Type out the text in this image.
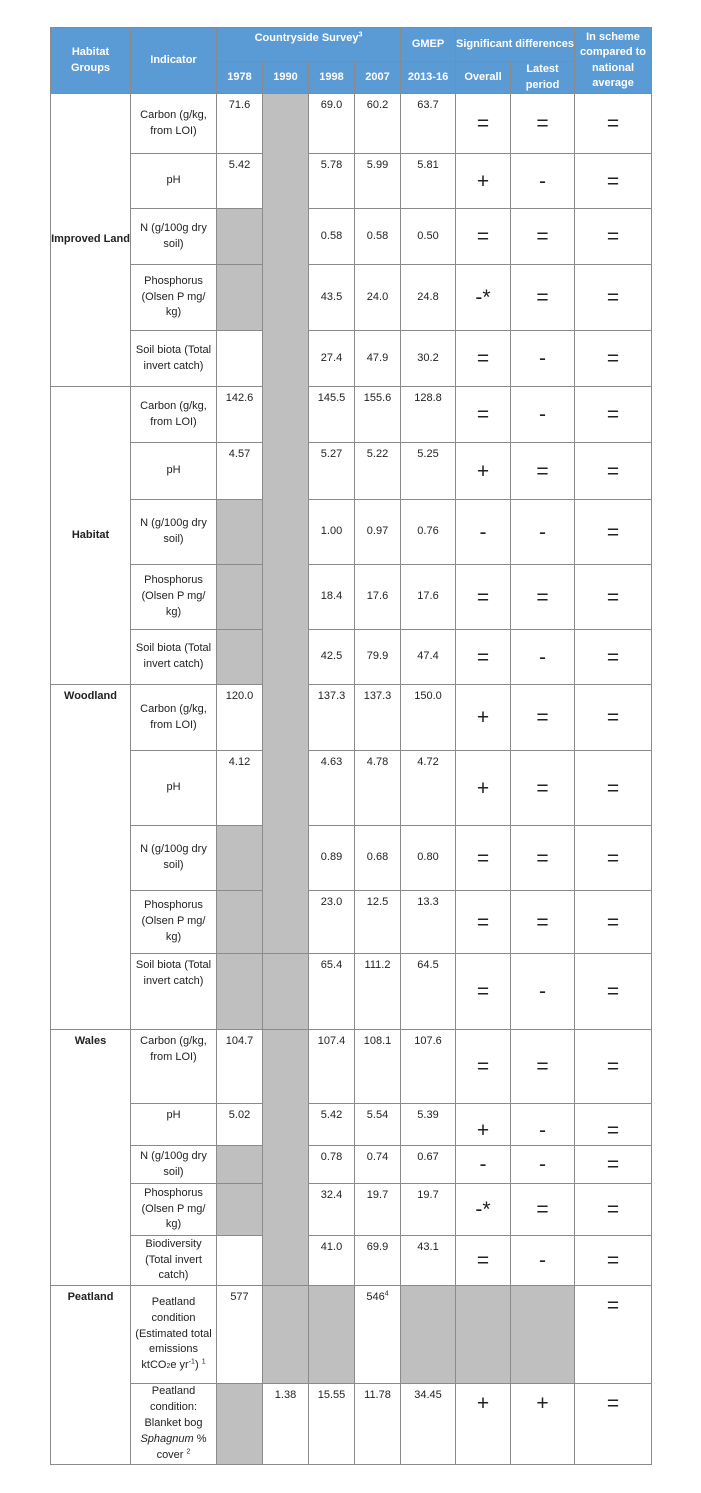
Habitat Groups	Indicator	Countryside Survey$^3$				GMEP	Significant differences		In scheme compared to national average
		1978	1990	1998	2007	2013-16	Overall	Latest period	
Improved Land	Carbon (g/kg, from LOI)	71.6		69.0	60.2	63.7	=	=	=
	pH	5.42		5.78	5.99	5.81	+	-	=
	N (g/100g dry soil)			0.58	0.58	0.50	=	=	=
	Phosphorus (Olsen P mg/ kg)			43.5	24.0	24.8	-*	=	=
	Soil biota (Total invert catch)			27.4	47.9	30.2	=	-	=
Habitat	Carbon (g/kg, from LOI)	142.6		145.5	155.6	128.8	=	-	=
	pH	4.57		5.27	5.22	5.25	+	=	=
	N (g/100g dry soil)			1.00	0.97	0.76	-	-	=
	Phosphorus (Olsen P mg/ kg)			18.4	17.6	17.6	=	=	=
	Soil biota (Total invert catch)			42.5	79.9	47.4	=	-	=
Woodland	Carbon (g/kg, from LOI)	120.0		137.3	137.3	150.0	+	=	=
	pH	4.12		4.63	4.78	4.72	+	=	=
	N (g/100g dry soil)			0.89	0.68	0.80	=	=	=
	Phosphorus (Olsen P mg/ kg)			23.0	12.5	13.3	=	=	=
	Soil biota (Total invert catch)			65.4	111.2	64.5	=	-	=
Wales	Carbon (g/kg, from LOI)	104.7		107.4	108.1	107.6	=	=	=
	pH	5.02		5.42	5.54	5.39	+	-	=
	N (g/100g dry soil)			0.78	0.74	0.67	-	-	=
	Phosphorus (Olsen P mg/ kg)			32.4	19.7	19.7	-*	=	=
	Biodiversity (Total invert catch)			41.0	69.9	43.1	=	-	=
Peatland	Peatland condition (Estimated total emissions ktCO2e $yr^{-1}$) $^1$	577			$546^4$				=
	Peatland condition: Blanket bog Sphagnum % cover $^2$		1.38	15.55	11.78	34.45	+	+	=
